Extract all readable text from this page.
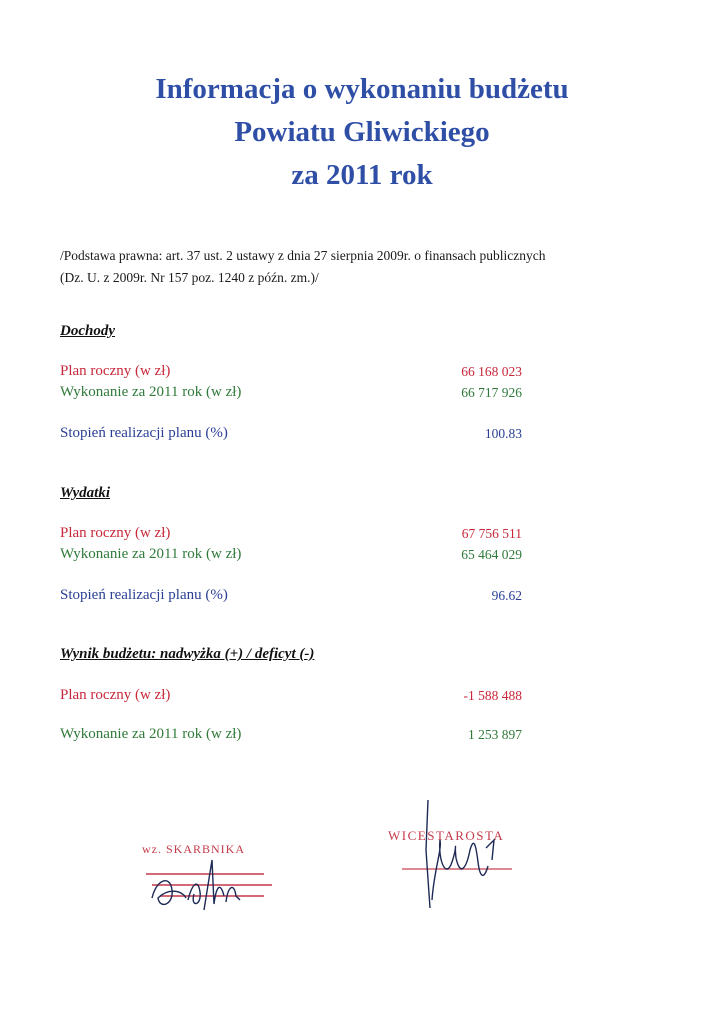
Informacja o wykonaniu budżetu
Powiatu Gliwickiego
za 2011 rok
/Podstawa prawna: art. 37 ust. 2 ustawy z dnia 27 sierpnia 2009r. o finansach publicznych
(Dz. U. z 2009r. Nr 157 poz. 1240 z późn. zm.)/
Dochody
Plan roczny (w zł)	66 168 023
Wykonanie za 2011 rok (w zł)	66 717 926
Stopień realizacji planu (%)	100.83
Wydatki
Plan roczny (w zł)	67 756 511
Wykonanie za 2011 rok (w zł)	65 464 029
Stopień realizacji planu (%)	96.62
Wynik budżetu: nadwyżka (+) / deficyt (-)
Plan roczny (w zł)	-1 588 488
Wykonanie za 2011 rok (w zł)	1 253 897
wz. SKARBNIKA
WICESTAROSTA
